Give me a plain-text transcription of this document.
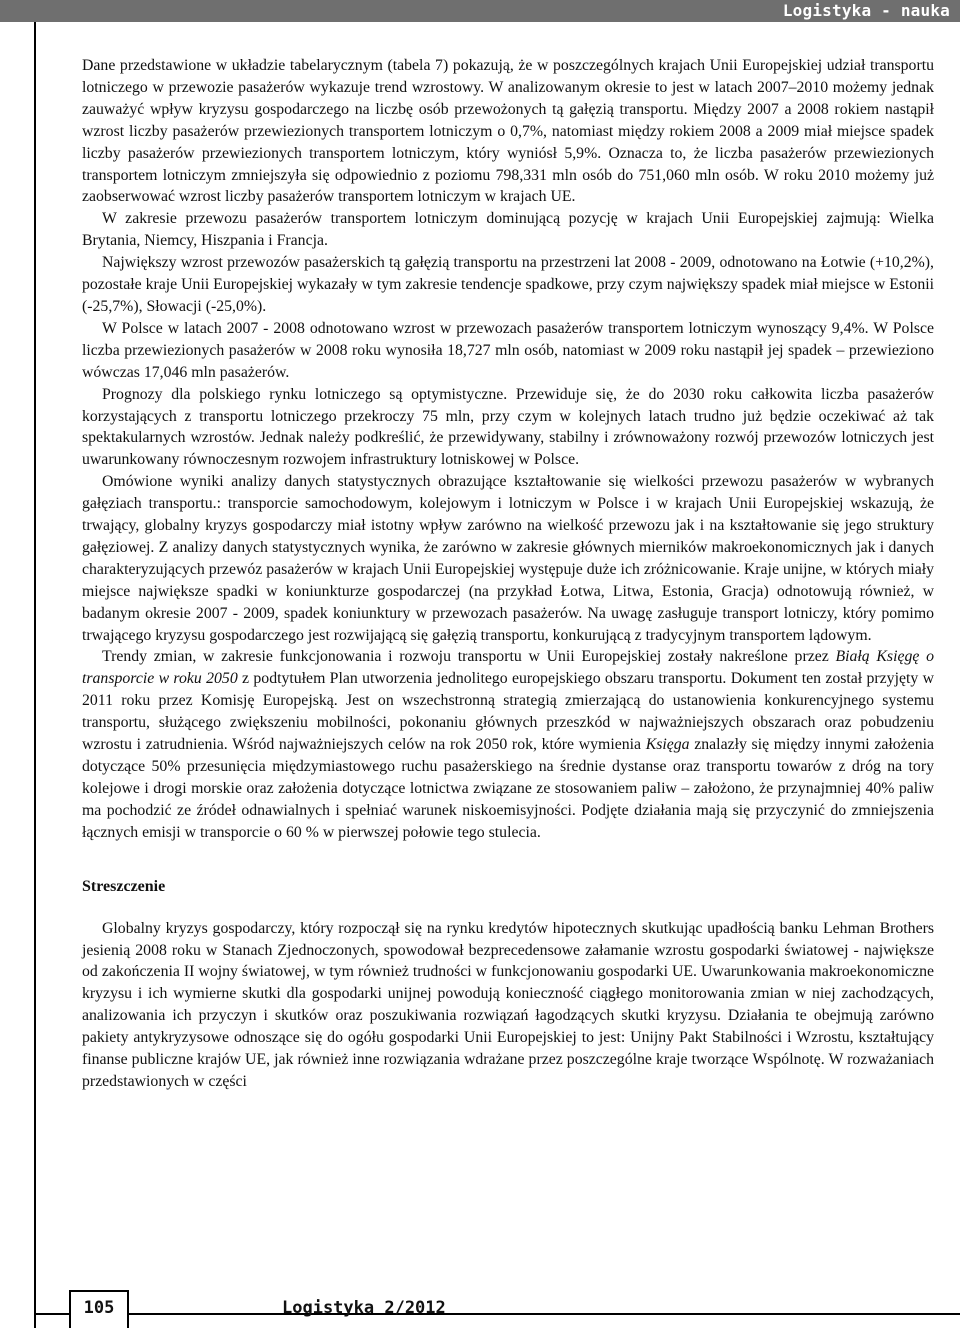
Logistyka - nauka

Dane przedstawione w układzie tabelarycznym (tabela 7) pokazują, że w poszczególnych krajach Unii Europejskiej udział transportu lotniczego w przewozie pasażerów wykazuje trend wzrostowy. W analizowanym okresie to jest w latach 2007–2010 możemy jednak zauważyć wpływ kryzysu gospodarczego na liczbę osób przewożonych tą gałęzią transportu. Między 2007 a 2008 rokiem nastąpił wzrost liczby pasażerów przewiezionych transportem lotniczym o 0,7%, natomiast między rokiem 2008 a 2009 miał miejsce spadek liczby pasażerów przewiezionych transportem lotniczym, który wyniósł 5,9%. Oznacza to, że liczba pasażerów przewiezionych transportem lotniczym zmniejszyła się odpowiednio z poziomu 798,331 mln osób do 751,060 mln osób. W roku 2010 możemy już zaobserwować wzrost liczby pasażerów transportem lotniczym w krajach UE.

W zakresie przewozu pasażerów transportem lotniczym dominującą pozycję w krajach Unii Europejskiej zajmują: Wielka Brytania, Niemcy, Hiszpania i Francja.

Największy wzrost przewozów pasażerskich tą gałęzią transportu na przestrzeni lat 2008 - 2009, odnotowano na Łotwie (+10,2%), pozostałe kraje Unii Europejskiej wykazały w tym zakresie tendencje spadkowe, przy czym największy spadek miał miejsce w Estonii (-25,7%), Słowacji (-25,0%).

W Polsce w latach 2007 - 2008 odnotowano wzrost w przewozach pasażerów transportem lotniczym wynoszący 9,4%. W Polsce liczba przewiezionych pasażerów w 2008 roku wynosiła 18,727 mln osób, natomiast w 2009 roku nastąpił jej spadek – przewieziono wówczas 17,046 mln pasażerów.

Prognozy dla polskiego rynku lotniczego są optymistyczne. Przewiduje się, że do 2030 roku całkowita liczba pasażerów korzystających z transportu lotniczego przekroczy 75 mln, przy czym w kolejnych latach trudno już będzie oczekiwać aż tak spektakularnych wzrostów. Jednak należy podkreślić, że przewidywany, stabilny i zrównoważony rozwój przewozów lotniczych jest uwarunkowany równoczesnym rozwojem infrastruktury lotniskowej w Polsce.

Omówione wyniki analizy danych statystycznych obrazujące kształtowanie się wielkości przewozu pasażerów w wybranych gałęziach transportu.: transporcie samochodowym, kolejowym i lotniczym w Polsce i w krajach Unii Europejskiej wskazują, że trwający, globalny kryzys gospodarczy miał istotny wpływ zarówno na wielkość przewozu jak i na kształtowanie się jego struktury gałęziowej. Z analizy danych statystycznych wynika, że zarówno w zakresie głównych mierników makroekonomicznych jak i danych charakteryzujących przewóz pasażerów w krajach Unii Europejskiej występuje duże ich zróżnicowanie. Kraje unijne, w których miały miejsce największe spadki w koniunkturze gospodarczej (na przykład Łotwa, Litwa, Estonia, Gracja) odnotowują również, w badanym okresie 2007 - 2009, spadek koniunktury w przewozach pasażerów. Na uwagę zasługuje transport lotniczy, który pomimo trwającego kryzysu gospodarczego jest rozwijającą się gałęzią transportu, konkurującą z tradycyjnym transportem lądowym.

Trendy zmian, w zakresie funkcjonowania i rozwoju transportu w Unii Europejskiej zostały nakreślone przez Białą Księgę o transporcie w roku 2050 z podtytułem Plan utworzenia jednolitego europejskiego obszaru transportu. Dokument ten został przyjęty w 2011 roku przez Komisję Europejską. Jest on wszechstronną strategią zmierzającą do ustanowienia konkurencyjnego systemu transportu, służącego zwiększeniu mobilności, pokonaniu głównych przeszkód w najważniejszych obszarach oraz pobudzeniu wzrostu i zatrudnienia. Wśród najważniejszych celów na rok 2050 rok, które wymienia Księga znalazły się między innymi założenia dotyczące 50% przesunięcia międzymiastowego ruchu pasażerskiego na średnie dystanse oraz transportu towarów z dróg na tory kolejowe i drogi morskie oraz założenia dotyczące lotnictwa związane ze stosowaniem paliw – założono, że przynajmniej 40% paliw ma pochodzić ze źródeł odnawialnych i spełniać warunek niskoemisyjności. Podjęte działania mają się przyczynić do zmniejszenia łącznych emisji w transporcie o 60 % w pierwszej połowie tego stulecia.

Streszczenie

Globalny kryzys gospodarczy, który rozpoczął się na rynku kredytów hipotecznych skutkując upadłością banku Lehman Brothers jesienią 2008 roku w Stanach Zjednoczonych, spowodował bezprecedensowe załamanie wzrostu gospodarki światowej - największe od zakończenia II wojny światowej, w tym również trudności w funkcjonowaniu gospodarki UE. Uwarunkowania makroekonomiczne kryzysu i ich wymierne skutki dla gospodarki unijnej powodują konieczność ciągłego monitorowania zmian w niej zachodzących, analizowania ich przyczyn i skutków oraz poszukiwania rozwiązań łagodzących skutki kryzysu. Działania te obejmują zarówno pakiety antykryzysowe odnoszące się do ogółu gospodarki Unii Europejskiej to jest: Unijny Pakt Stabilności i Wzrostu, kształtujący finanse publiczne krajów UE, jak również inne rozwiązania wdrażane przez poszczególne kraje tworzące Wspólnotę. W rozważaniach przedstawionych w części

105	Logistyka 2/2012
